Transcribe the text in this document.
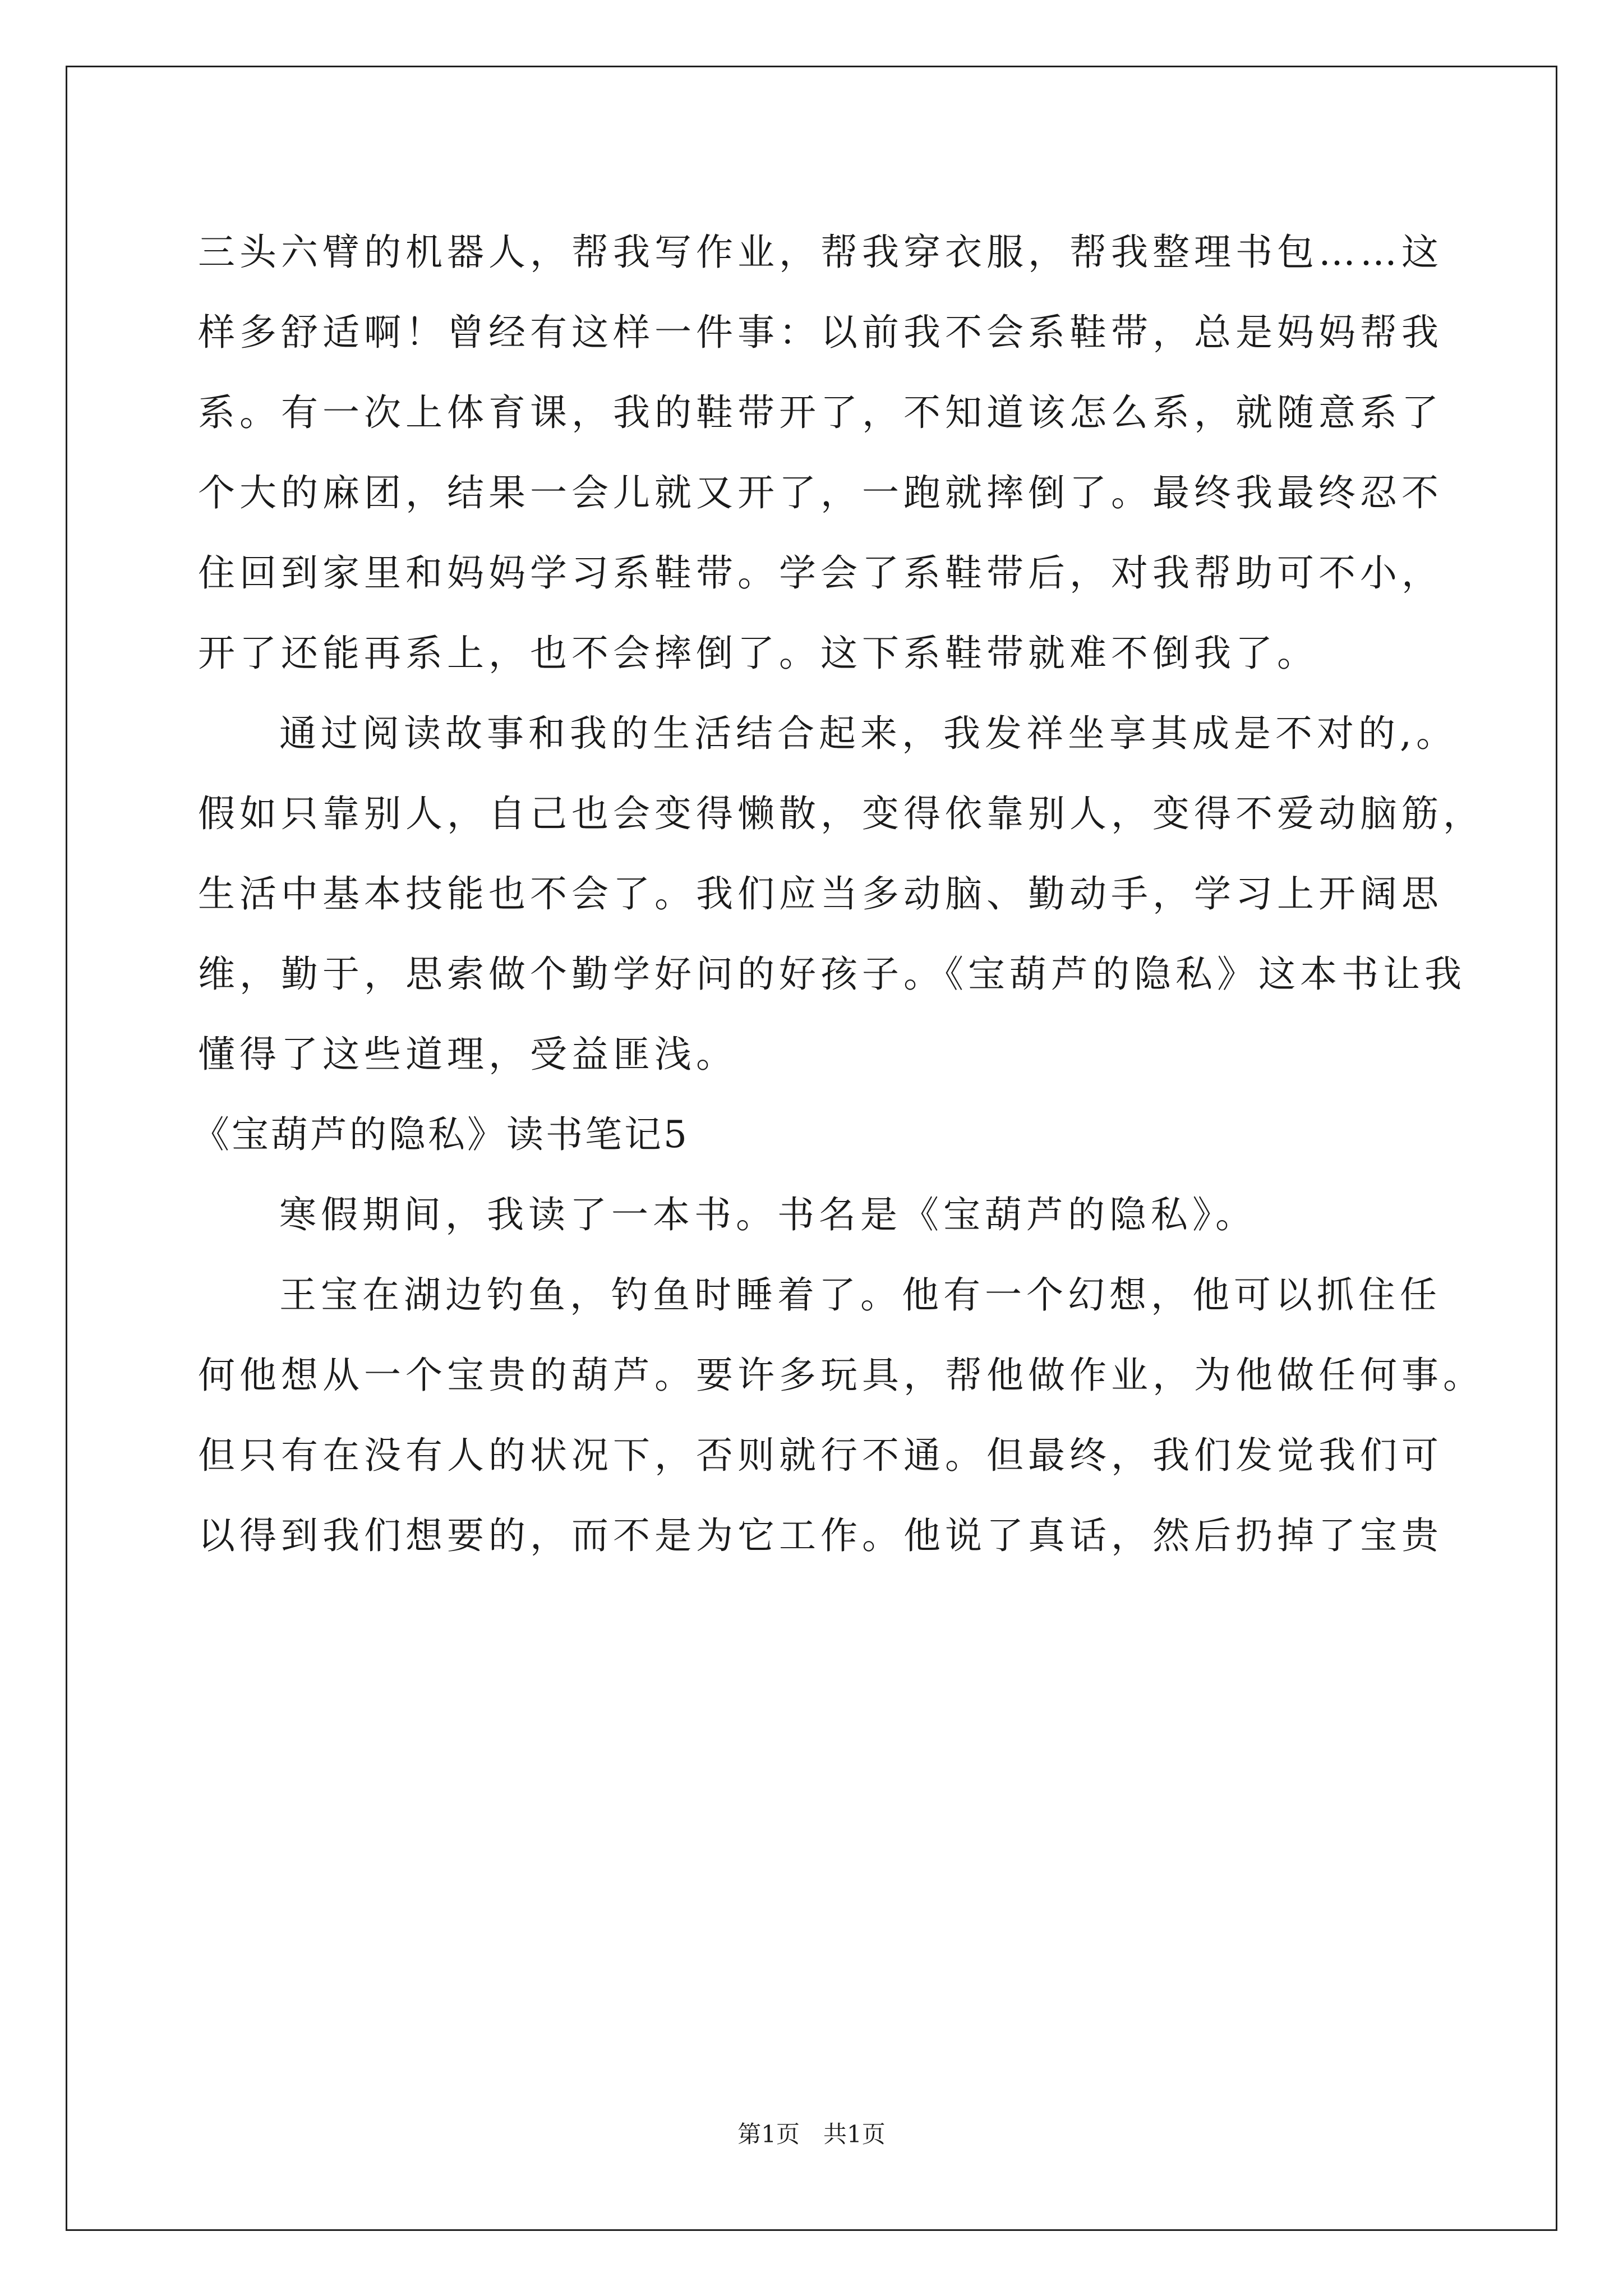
三头六臂的机器人，帮我写作业，帮我穿衣服，帮我整理书包……这
样多舒适啊！曾经有这样一件事：以前我不会系鞋带，总是妈妈帮我
系。有一次上体育课，我的鞋带开了，不知道该怎么系，就随意系了
个大的麻团，结果一会儿就又开了，一跑就摔倒了。最终我最终忍不
住回到家里和妈妈学习系鞋带。学会了系鞋带后，对我帮助可不小，
开了还能再系上，也不会摔倒了。这下系鞋带就难不倒我了。
通过阅读故事和我的生活结合起来，我发祥坐享其成是不对的,。
假如只靠别人，自己也会变得懒散，变得依靠别人，变得不爱动脑筋，
生活中基本技能也不会了。我们应当多动脑、勤动手，学习上开阔思
维，勤于，思索做个勤学好问的好孩子。《宝葫芦的隐私》这本书让我
懂得了这些道理，受益匪浅。
《宝葫芦的隐私》读书笔记5
寒假期间，我读了一本书。书名是《宝葫芦的隐私》。
王宝在湖边钓鱼，钓鱼时睡着了。他有一个幻想，他可以抓住任
何他想从一个宝贵的葫芦。要许多玩具，帮他做作业，为他做任何事。
但只有在没有人的状况下，否则就行不通。但最终，我们发觉我们可
以得到我们想要的，而不是为它工作。他说了真话，然后扔掉了宝贵
第1页　共1页
